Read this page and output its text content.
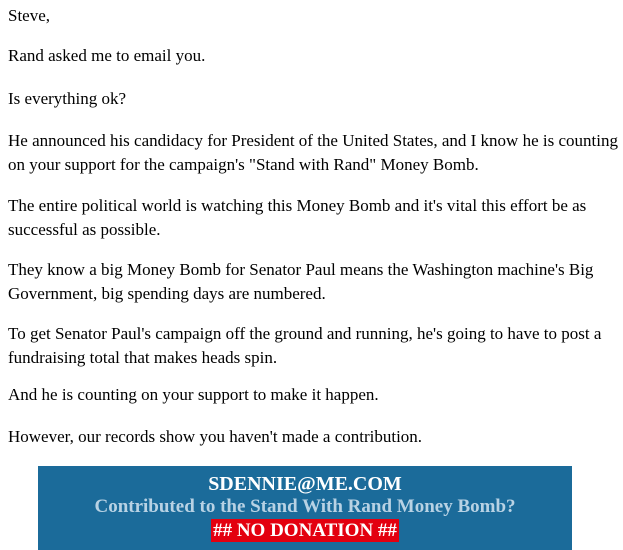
Steve,

Rand asked me to email you.

Is everything ok?

He announced his candidacy for President of the United States, and I know he is counting on your support for the campaign's "Stand with Rand" Money Bomb.

The entire political world is watching this Money Bomb and it's vital this effort be as successful as possible.

They know a big Money Bomb for Senator Paul means the Washington machine's Big Government, big spending days are numbered.

To get Senator Paul's campaign off the ground and running, he's going to have to post a fundraising total that makes heads spin.

And he is counting on your support to make it happen.

However, our records show you haven't made a contribution.

SDENNIE@ME.COM
Contributed to the Stand With Rand Money Bomb?
## NO DONATION ##
